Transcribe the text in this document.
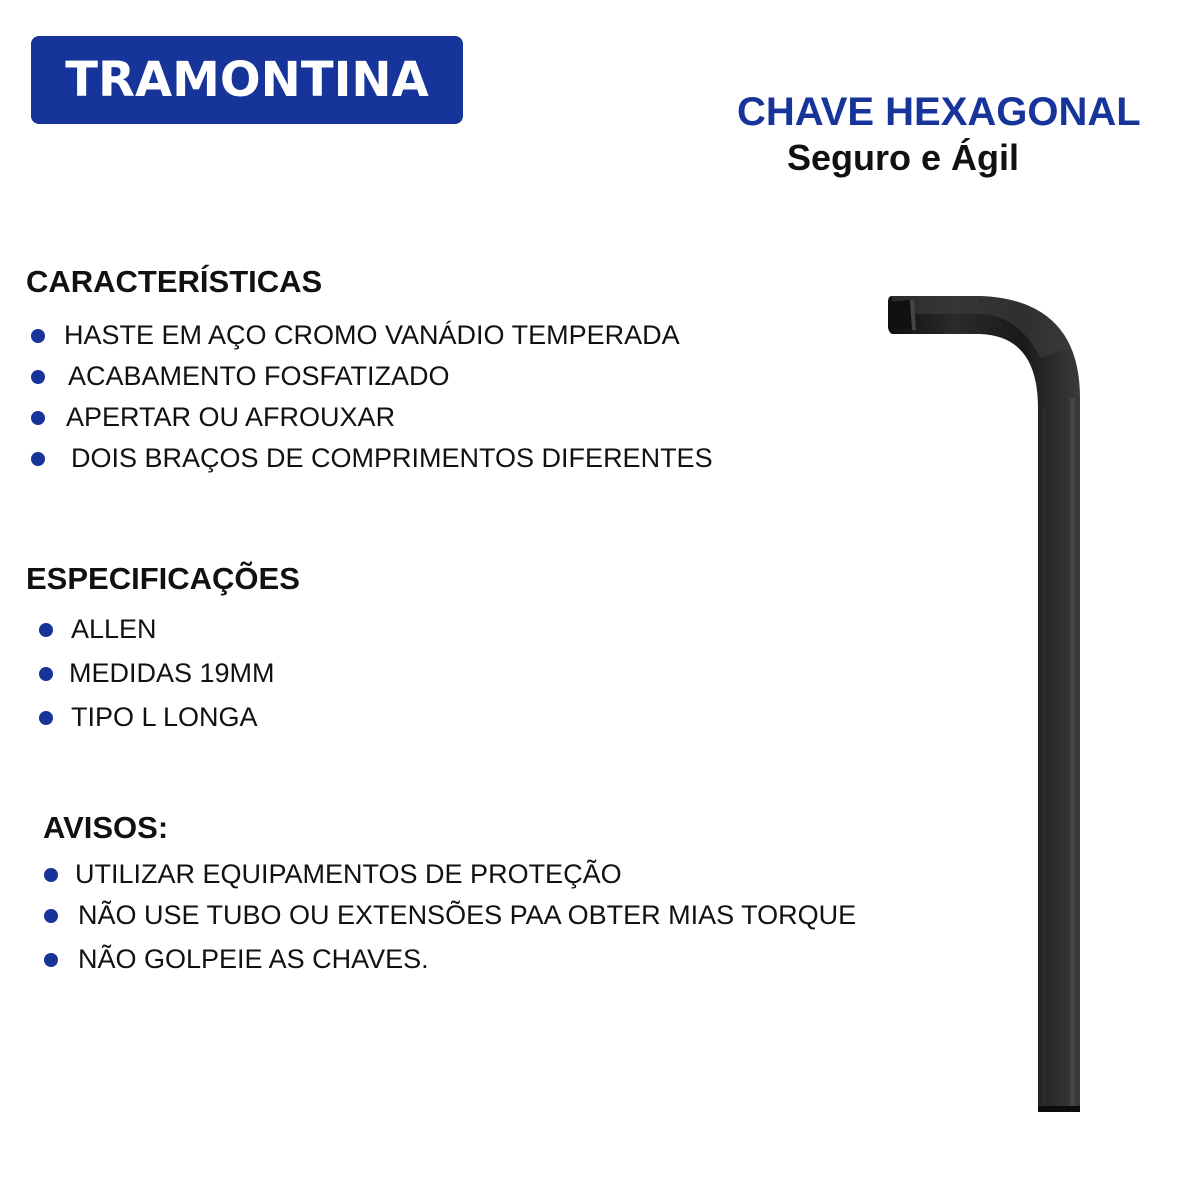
TRAMONTINA
CHAVE HEXAGONAL
Seguro e Ágil
CARACTERÍSTICAS
HASTE EM AÇO CROMO VANÁDIO TEMPERADA
ACABAMENTO FOSFATIZADO
APERTAR OU AFROUXAR
DOIS BRAÇOS DE COMPRIMENTOS DIFERENTES
ESPECIFICAÇÕES
ALLEN
MEDIDAS 19MM
TIPO L LONGA
AVISOS:
UTILIZAR EQUIPAMENTOS DE PROTEÇÃO
NÃO USE TUBO OU EXTENSÕES PAA OBTER MIAS TORQUE
NÃO GOLPEIE AS CHAVES.
